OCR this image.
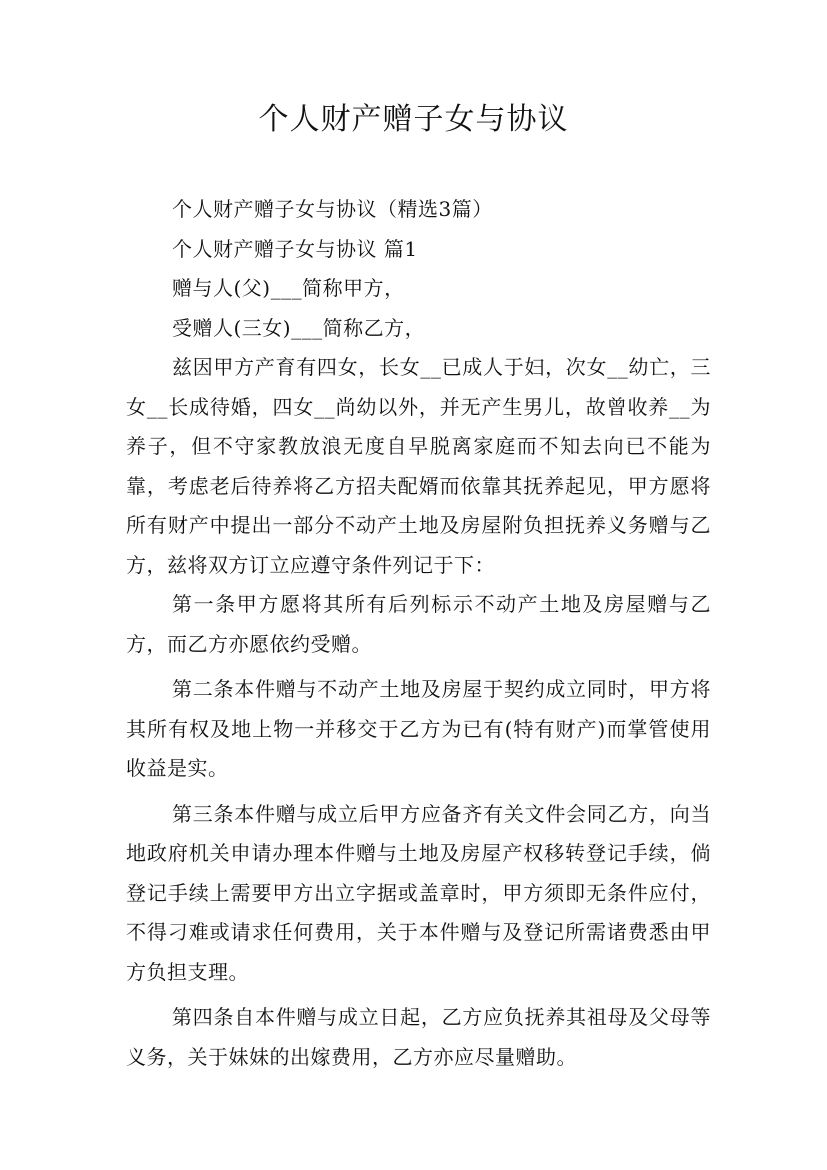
个人财产赠子女与协议

个人财产赠子女与协议（精选3篇）

个人财产赠子女与协议 篇1

赠与人(父)___简称甲方，

受赠人(三女)___简称乙方，

兹因甲方产育有四女，长女__已成人于妇，次女__幼亡，三女__长成待婚，四女__尚幼以外，并无产生男儿，故曾收养__为养子，但不守家教放浪无度自早脱离家庭而不知去向已不能为靠，考虑老后待养将乙方招夫配婿而依靠其抚养起见，甲方愿将所有财产中提出一部分不动产土地及房屋附负担抚养义务赠与乙方，兹将双方订立应遵守条件列记于下：

第一条甲方愿将其所有后列标示不动产土地及房屋赠与乙方，而乙方亦愿依约受赠。

第二条本件赠与不动产土地及房屋于契约成立同时，甲方将其所有权及地上物一并移交于乙方为已有(特有财产)而掌管使用收益是实。

第三条本件赠与成立后甲方应备齐有关文件会同乙方，向当地政府机关申请办理本件赠与土地及房屋产权移转登记手续，倘登记手续上需要甲方出立字据或盖章时，甲方须即无条件应付，不得刁难或请求任何费用，关于本件赠与及登记所需诸费悉由甲方负担支理。

第四条自本件赠与成立日起，乙方应负抚养其祖母及父母等义务，关于妹妹的出嫁费用，乙方亦应尽量赠助。
